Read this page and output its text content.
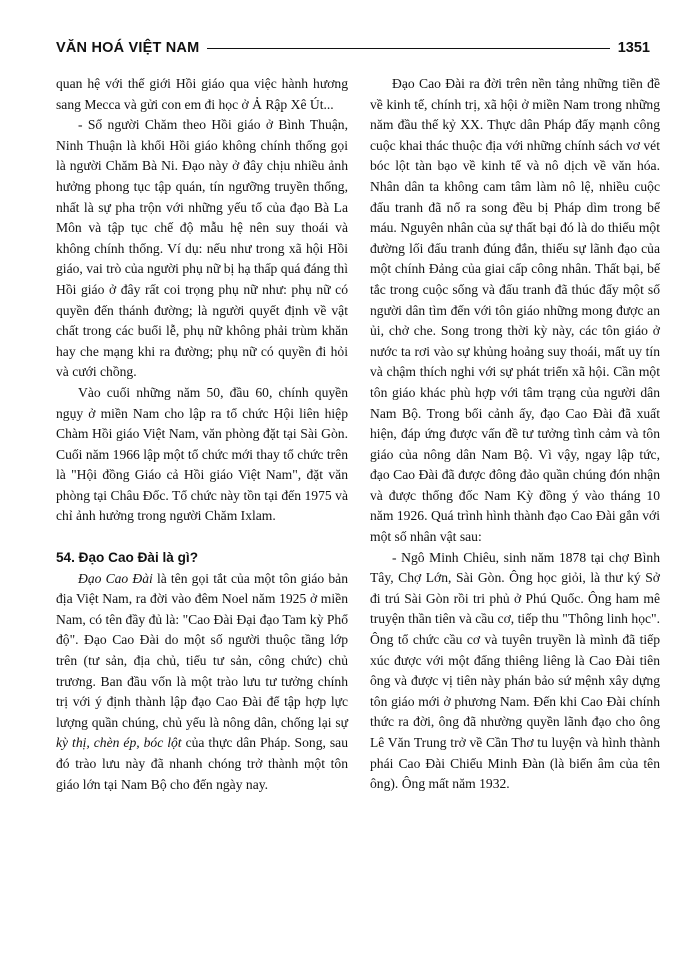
VĂN HOÁ VIỆT NAM	1351

quan hệ với thế giới Hồi giáo qua việc hành hương sang Mecca và gửi con em đi học ở Ả Rập Xê Út...

- Số người Chăm theo Hồi giáo ở Bình Thuận, Ninh Thuận là khối Hồi giáo không chính thống gọi là người Chăm Bà Ni. Đạo này ở đây chịu nhiều ảnh hưởng phong tục tập quán, tín ngưỡng truyền thống, nhất là sự pha trộn với những yếu tố của đạo Bà La Môn và tập tục chế độ mẫu hệ nên suy thoái và không chính thống. Ví dụ: nếu như trong xã hội Hồi giáo, vai trò của người phụ nữ bị hạ thấp quá đáng thì Hồi giáo ở đây rất coi trọng phụ nữ như: phụ nữ có quyền đến thánh đường; là người quyết định về vật chất trong các buổi lễ, phụ nữ không phải trùm khăn hay che mạng khi ra đường; phụ nữ có quyền đi hỏi và cưới chồng.

Vào cuối những năm 50, đầu 60, chính quyền ngụy ở miền Nam cho lập ra tổ chức Hội liên hiệp Chàm Hồi giáo Việt Nam, văn phòng đặt tại Sài Gòn. Cuối năm 1966 lập một tổ chức mới thay tổ chức trên là "Hội đồng Giáo cả Hồi giáo Việt Nam", đặt văn phòng tại Châu Đốc. Tổ chức này tồn tại đến 1975 và chỉ ảnh hưởng trong người Chăm Ixlam.

54. Đạo Cao Đài là gì?

Đạo Cao Đài là tên gọi tắt của một tôn giáo bản địa Việt Nam, ra đời vào đêm Noel năm 1925 ở miền Nam, có tên đầy đủ là: "Cao Đài Đại đạo Tam kỳ Phổ độ". Đạo Cao Đài do một số người thuộc tầng lớp trên (tư sản, địa chủ, tiểu tư sản, công chức) chủ trương. Ban đầu vốn là một trào lưu tư tưởng chính trị với ý định thành lập đạo Cao Đài để tập hợp lực lượng quần chúng, chủ yếu là nông dân, chống lại sự kỳ thị, chèn ép, bóc lột của thực dân Pháp. Song, sau đó trào lưu này đã nhanh chóng trở thành một tôn giáo lớn tại Nam Bộ cho đến ngày nay.

Đạo Cao Đài ra đời trên nền tảng những tiền đề về kinh tế, chính trị, xã hội ở miền Nam trong những năm đầu thế kỷ XX. Thực dân Pháp đẩy mạnh công cuộc khai thác thuộc địa với những chính sách vơ vét bóc lột tàn bạo về kinh tế và nô dịch về văn hóa. Nhân dân ta không cam tâm làm nô lệ, nhiều cuộc đấu tranh đã nổ ra song đều bị Pháp dìm trong bể máu. Nguyên nhân của sự thất bại đó là do thiếu một đường lối đấu tranh đúng đắn, thiếu sự lãnh đạo của một chính Đảng của giai cấp công nhân. Thất bại, bế tắc trong cuộc sống và đấu tranh đã thúc đẩy một số người dân tìm đến với tôn giáo những mong được an ủi, chở che. Song trong thời kỳ này, các tôn giáo ở nước ta rơi vào sự khủng hoảng suy thoái, mất uy tín và chậm thích nghi với sự phát triển xã hội. Cần một tôn giáo khác phù hợp với tâm trạng của người dân Nam Bộ. Trong bối cảnh ấy, đạo Cao Đài đã xuất hiện, đáp ứng được vấn đề tư tưởng tình cảm và tôn giáo của nông dân Nam Bộ. Vì vậy, ngay lập tức, đạo Cao Đài đã được đông đảo quần chúng đón nhận và được thống đốc Nam Kỳ đồng ý vào tháng 10 năm 1926. Quá trình hình thành đạo Cao Đài gắn với một số nhân vật sau:

- Ngô Minh Chiêu, sinh năm 1878 tại chợ Bình Tây, Chợ Lớn, Sài Gòn. Ông học giỏi, là thư ký Sở đi trú Sài Gòn rồi tri phủ ở Phú Quốc. Ông ham mê truyện thần tiên và cầu cơ, tiếp thu "Thông linh học". Ông tổ chức cầu cơ và tuyên truyền là mình đã tiếp xúc được với một đấng thiêng liêng là Cao Đài tiên ông và được vị tiên này phán bảo sứ mệnh xây dựng tôn giáo mới ở phương Nam. Đến khi Cao Đài chính thức ra đời, ông đã nhường quyền lãnh đạo cho ông Lê Văn Trung trở về Cần Thơ tu luyện và hình thành phái Cao Đài Chiếu Minh Đàn (là biến âm của tên ông). Ông mất năm 1932.
